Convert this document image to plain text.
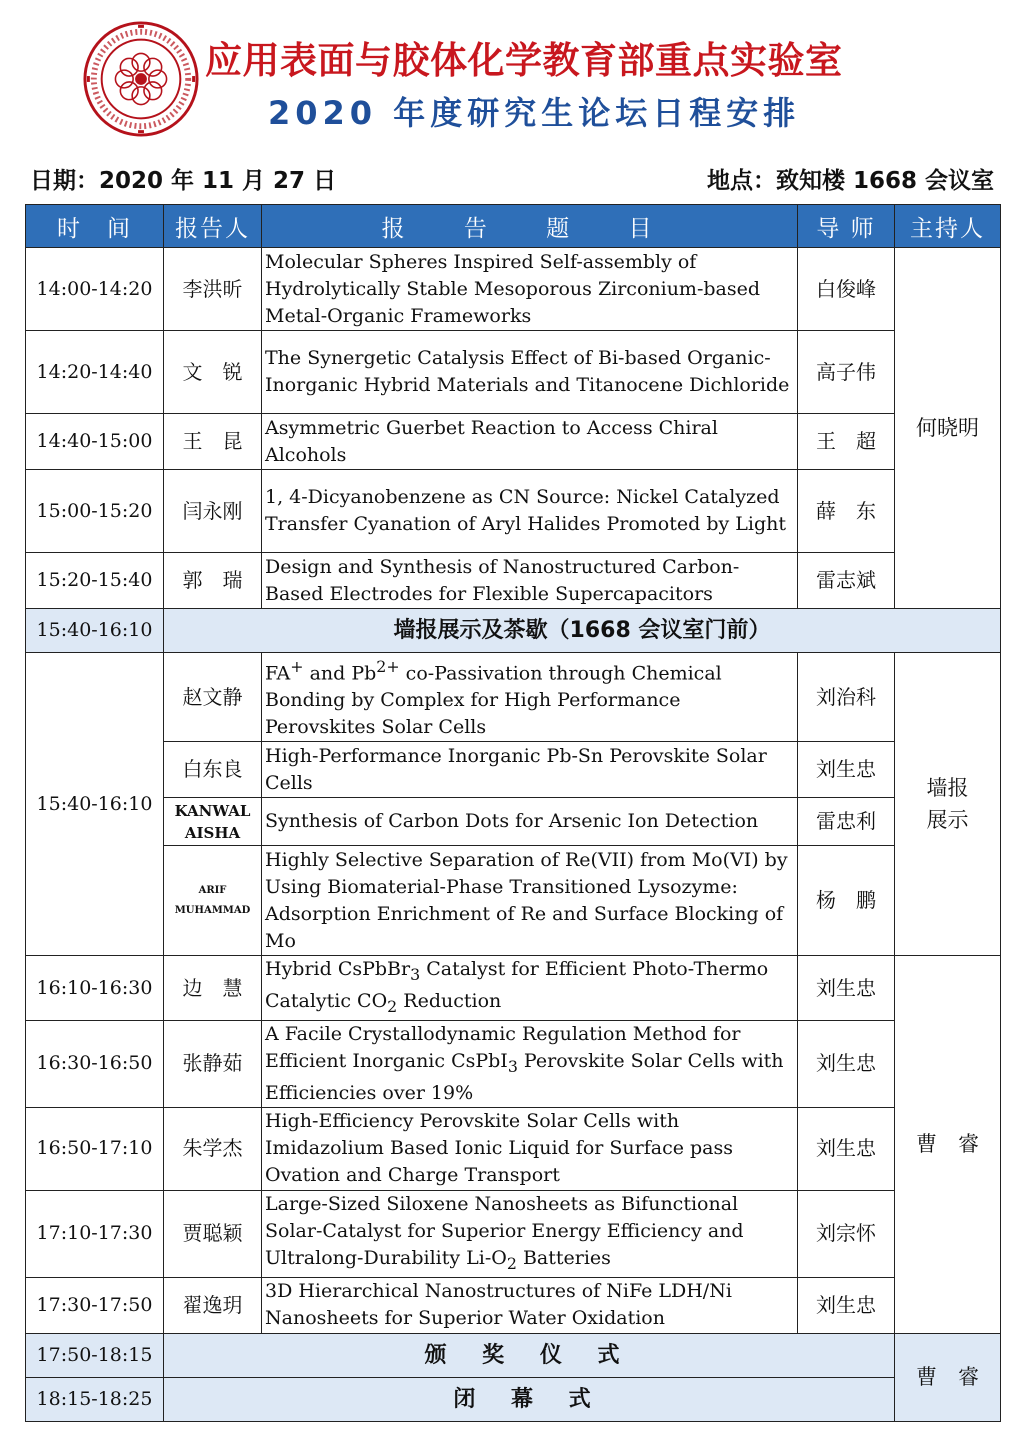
应用表面与胶体化学教育部重点实验室
2020 年度研究生论坛日程安排
日期：2020 年 11 月 27 日	地点：致知楼 1668 会议室
时　间	报告人	报 告 题 目	导 师	主持人
14:00-14:20	李洪昕	Molecular Spheres Inspired Self-assembly of Hydrolytically Stable Mesoporous Zirconium-based Metal-Organic Frameworks	白俊峰	何晓明
14:20-14:40	文　锐	The Synergetic Catalysis Effect of Bi-based Organic-Inorganic Hybrid Materials and Titanocene Dichloride	高子伟	
14:40-15:00	王　昆	Asymmetric Guerbet Reaction to Access Chiral Alcohols	王　超	
15:00-15:20	闫永刚	1, 4-Dicyanobenzene as CN Source: Nickel Catalyzed Transfer Cyanation of Aryl Halides Promoted by Light	薛　东	
15:20-15:40	郭　瑞	Design and Synthesis of Nanostructured Carbon-Based Electrodes for Flexible Supercapacitors	雷志斌	
15:40-16:10	墙报展示及茶歇（1668 会议室门前）			
15:40-16:10	赵文静	FA+ and $Pb^{2+}$ co-Passivation through Chemical Bonding by Complex for High Performance Perovskites Solar Cells	刘治科	墙报展示
	白东良	High-Performance Inorganic Pb-Sn Perovskite Solar Cells	刘生忠	
	KANWAL AISHA	Synthesis of Carbon Dots for Arsenic Ion Detection	雷忠利	
	ARIF MUHAMMAD	Highly Selective Separation of Re(VII) from Mo(VI) by Using Biomaterial-Phase Transitioned Lysozyme: Adsorption Enrichment of Re and Surface Blocking of Mo	杨　鹏	
16:10-16:30	边　慧	Hybrid CsPbBr$_3$ Catalyst for Efficient Photo-Thermo Catalytic $CO_2$ Reduction	刘生忠	曹　睿
16:30-16:50	张静茹	A Facile Crystallodynamic Regulation Method for Efficient Inorganic CsPbI$_3$ Perovskite Solar Cells with Efficiencies over 19%	刘生忠	
16:50-17:10	朱学杰	High-Efficiency Perovskite Solar Cells with Imidazolium Based Ionic Liquid for Surface pass Ovation and Charge Transport	刘生忠	
17:10-17:30	贾聪颖	Large-Sized Siloxene Nanosheets as Bifunctional Solar-Catalyst for Superior Energy Efficiency and Ultralong-Durability $Li-O_2$ Batteries	刘宗怀	
17:30-17:50	翟逸玥	3D Hierarchical Nanostructures of NiFe LDH/Ni Nanosheets for Superior Water Oxidation	刘生忠	
17:50-18:15	颁 奖 仪 式			曹　睿
18:15-18:25	闭 幕 式			
